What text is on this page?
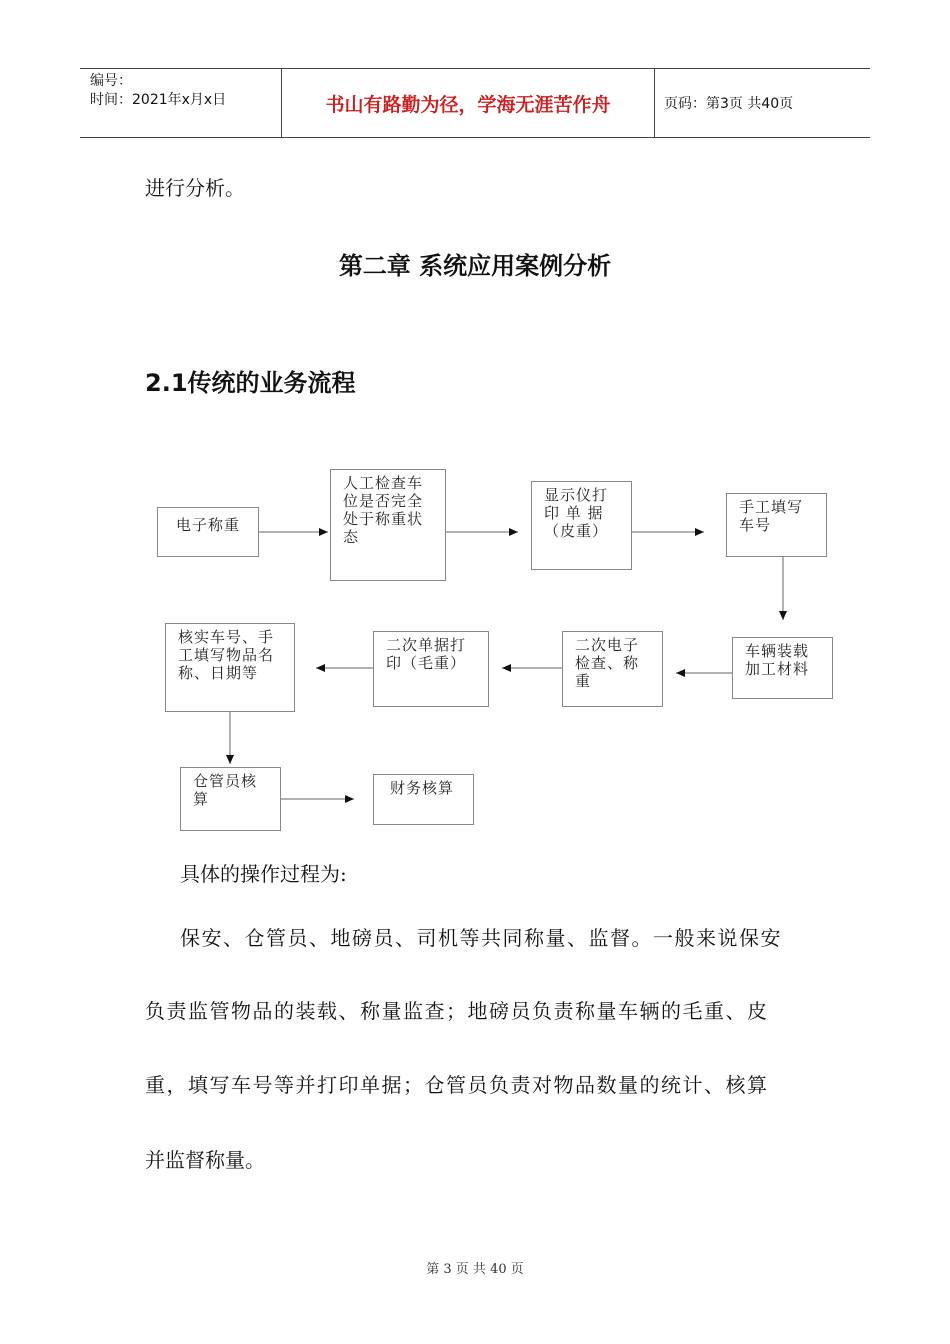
编号：
时间：2021年x月x日	书山有路勤为径，学海无涯苦作舟	页码：第3页 共40页
进行分析。
第二章 系统应用案例分析
2.1传统的业务流程
电子称重
人工检查车
位是否完全
处于称重状
态
显示仪打
印 单 据
（皮重）
手工填写
车号
车辆装载
加工材料
二次电子
检查、称
重
二次单据打
印（毛重）
核实车号、手
工填写物品名
称、日期等
仓管员核
算
财务核算
具体的操作过程为:
保安、仓管员、地磅员、司机等共同称量、监督。一般来说保安
负责监管物品的装载、称量监查；地磅员负责称量车辆的毛重、皮
重，填写车号等并打印单据；仓管员负责对物品数量的统计、核算
并监督称量。
第 3 页 共 40 页
